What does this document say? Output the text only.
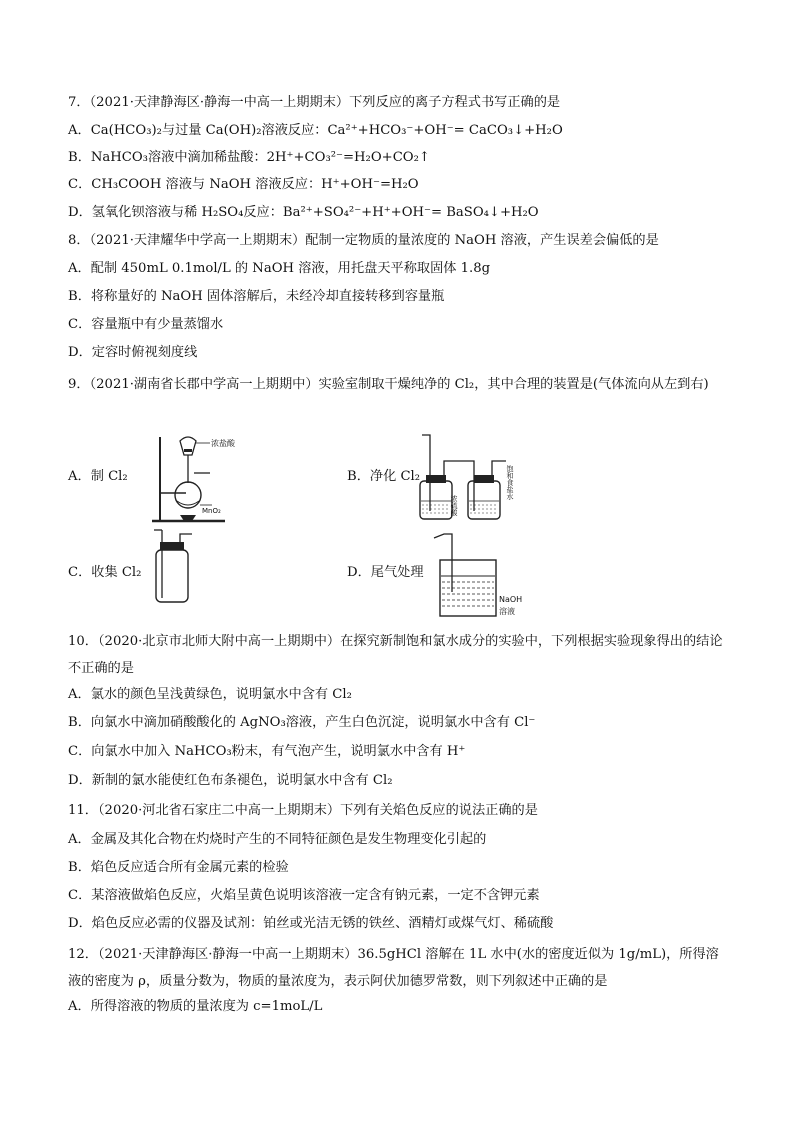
7．（2021·天津静海区·静海一中高一上期期末）下列反应的离子方程式书写正确的是
A．Ca(HCO₃)₂与过量 Ca(OH)₂溶液反应：Ca²⁺+HCO₃⁻+OH⁻= CaCO₃↓+H₂O
B．NaHCO₃溶液中滴加稀盐酸：2H⁺+CO₃²⁻=H₂O+CO₂↑
C．CH₃COOH 溶液与 NaOH 溶液反应：H⁺+OH⁻=H₂O
D．氢氧化钡溶液与稀 H₂SO₄反应：Ba²⁺+SO₄²⁻+H⁺+OH⁻= BaSO₄↓+H₂O
8．（2021·天津耀华中学高一上期期末）配制一定物质的量浓度的 NaOH 溶液，产生误差会偏低的是
A．配制 450mL 0.1mol/L 的 NaOH 溶液，用托盘天平称取固体 1.8g
B．将称量好的 NaOH 固体溶解后，未经冷却直接转移到容量瓶
C．容量瓶中有少量蒸馏水
D．定容时俯视刻度线
9．（2021·湖南省长郡中学高一上期期中）实验室制取干燥纯净的 Cl₂，其中合理的装置是(气体流向从左到右)
A．制 Cl₂
浓盐酸
MnO₂
B．净化 Cl₂
浓硫酸
饱和食盐水
C．收集 Cl₂	D．尾气处理
NaOH
溶液
10．（2020·北京市北师大附中高一上期期中）在探究新制饱和氯水成分的实验中，下列根据实验现象得出的结论不正确的是
A．氯水的颜色呈浅黄绿色，说明氯水中含有 Cl₂
B．向氯水中滴加硝酸酸化的 AgNO₃溶液，产生白色沉淀，说明氯水中含有 Cl⁻
C．向氯水中加入 NaHCO₃粉末，有气泡产生，说明氯水中含有 H⁺
D．新制的氯水能使红色布条褪色，说明氯水中含有 Cl₂
11．（2020·河北省石家庄二中高一上期期末）下列有关焰色反应的说法正确的是
A．金属及其化合物在灼烧时产生的不同特征颜色是发生物理变化引起的
B．焰色反应适合所有金属元素的检验
C．某溶液做焰色反应，火焰呈黄色说明该溶液一定含有钠元素，一定不含钾元素
D．焰色反应必需的仪器及试剂：铂丝或光洁无锈的铁丝、酒精灯或煤气灯、稀硫酸
12．（2021·天津静海区·静海一中高一上期期末）36.5gHCl 溶解在 1L 水中(水的密度近似为 1g/mL)，所得溶液的密度为 ρ，质量分数为，物质的量浓度为，表示阿伏加德罗常数，则下列叙述中正确的是
A．所得溶液的物质的量浓度为 c=1moL/L
